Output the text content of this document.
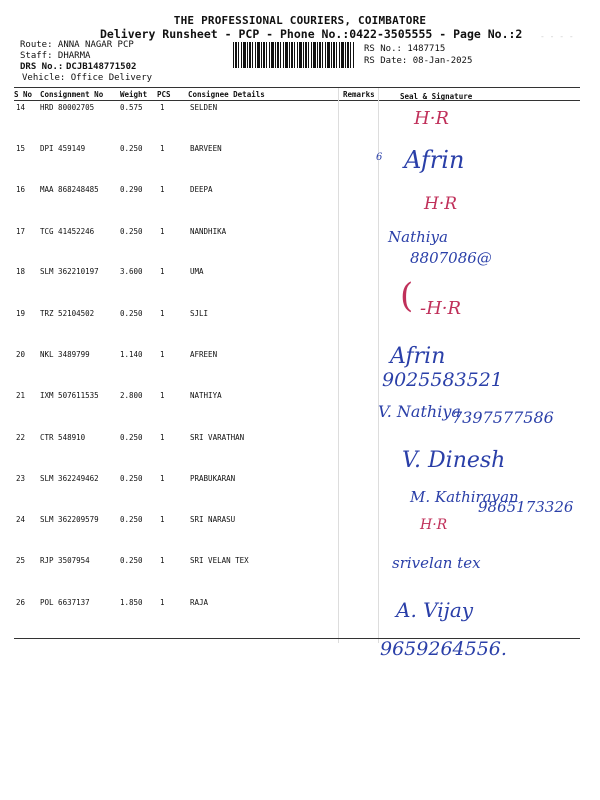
THE PROFESSIONAL COURIERS, COIMBATORE
Delivery Runsheet - PCP - Phone No.:0422-3505555 - Page No.:2
Route: ANNA NAGAR PCP
Staff: DHARMA
DRS No.: DCJB148771502
Vehicle: Office Delivery
RS No.: 1487715
RS Date: 08-Jan-2025
- - - -
S No Consignment No Weight PCS Consignee Details	Remarks	Seal & Signature
14 HRD 80002705	0.575 1	SELDEN
15 DPI 459149	0.250 1	BARVEEN
16 MAA 868248485	0.290 1	DEEPA
17 TCG 41452246	0.250 1	NANDHIKA
18 SLM 362210197	3.600 1	UMA
19 TRZ 52104502	0.250 1	SJLI
20 NKL 3489799	1.140 1	AFREEN
21 IXM 507611535	2.800 1	NATHIYA
22 CTR 548910	0.250 1	SRI VARATHAN
23 SLM 362249462	0.250 1	PRABUKARAN
24 SLM 362209579	0.250 1	SRI NARASU
25 RJP 3507954	0.250 1	SRI VELAN TEX
26 POL 6637137	1.850 1	RAJA
H·R
6 Afrin
H·R
Nathiya
8807086@
( -H·R
Afrin
9025583521
V. Nathiya
7397577586
V. Dinesh
M. Kathiravan
9865173326
H·R
srivelan tex
A. Vijay
9659264556.
